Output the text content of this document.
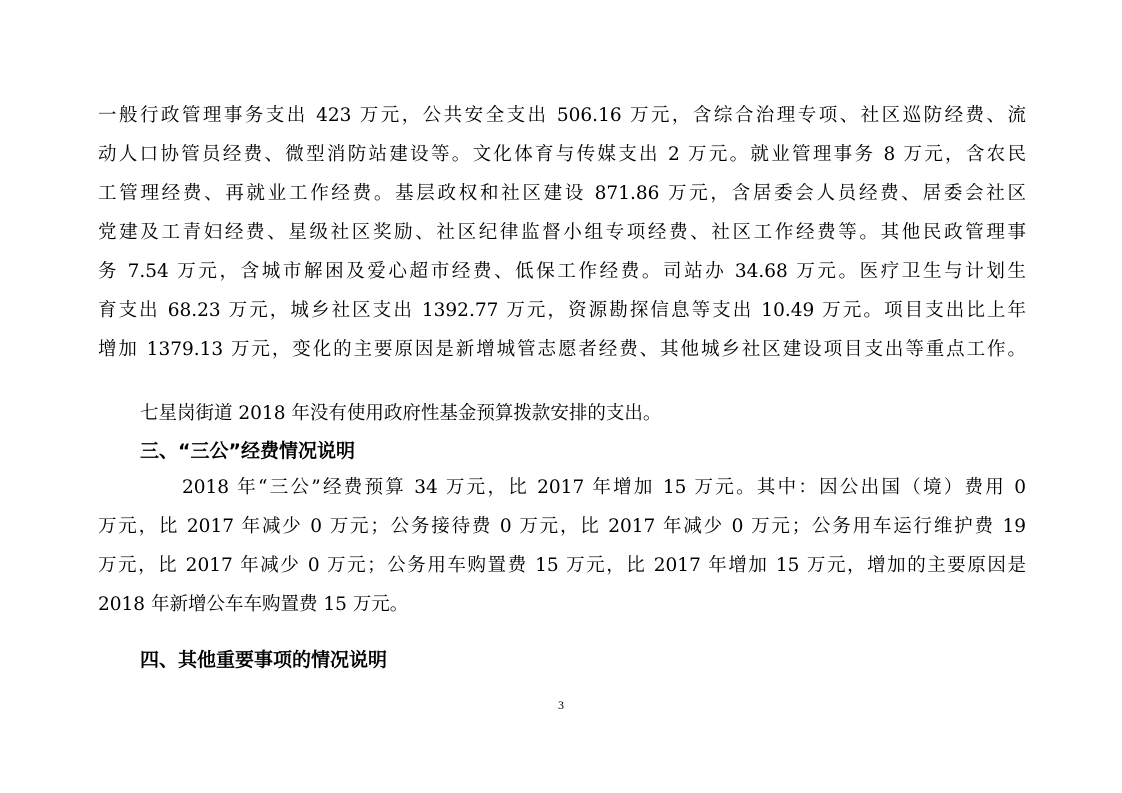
一般行政管理事务支出 423 万元，公共安全支出 506.16 万元，含综合治理专项、社区巡防经费、流
动人口协管员经费、微型消防站建设等。文化体育与传媒支出 2 万元。就业管理事务 8 万元，含农民
工管理经费、再就业工作经费。基层政权和社区建设 871.86 万元，含居委会人员经费、居委会社区
党建及工青妇经费、星级社区奖励、社区纪律监督小组专项经费、社区工作经费等。其他民政管理事
务 7.54 万元，含城市解困及爱心超市经费、低保工作经费。司站办 34.68 万元。医疗卫生与计划生
育支出 68.23 万元，城乡社区支出 1392.77 万元，资源勘探信息等支出 10.49 万元。项目支出比上年
增加 1379.13 万元，变化的主要原因是新增城管志愿者经费、其他城乡社区建设项目支出等重点工作。
七星岗街道 2018 年没有使用政府性基金预算拨款安排的支出。
三、“三公”经费情况说明
2018 年“三公”经费预算 34 万元，比 2017 年增加 15 万元。其中：因公出国（境）费用 0
万元，比 2017 年减少 0 万元；公务接待费 0 万元，比 2017 年减少 0 万元；公务用车运行维护费 19
万元，比 2017 年减少 0 万元；公务用车购置费 15 万元，比 2017 年增加 15 万元，增加的主要原因是
2018 年新增公车车购置费 15 万元。
四、其他重要事项的情况说明
3
